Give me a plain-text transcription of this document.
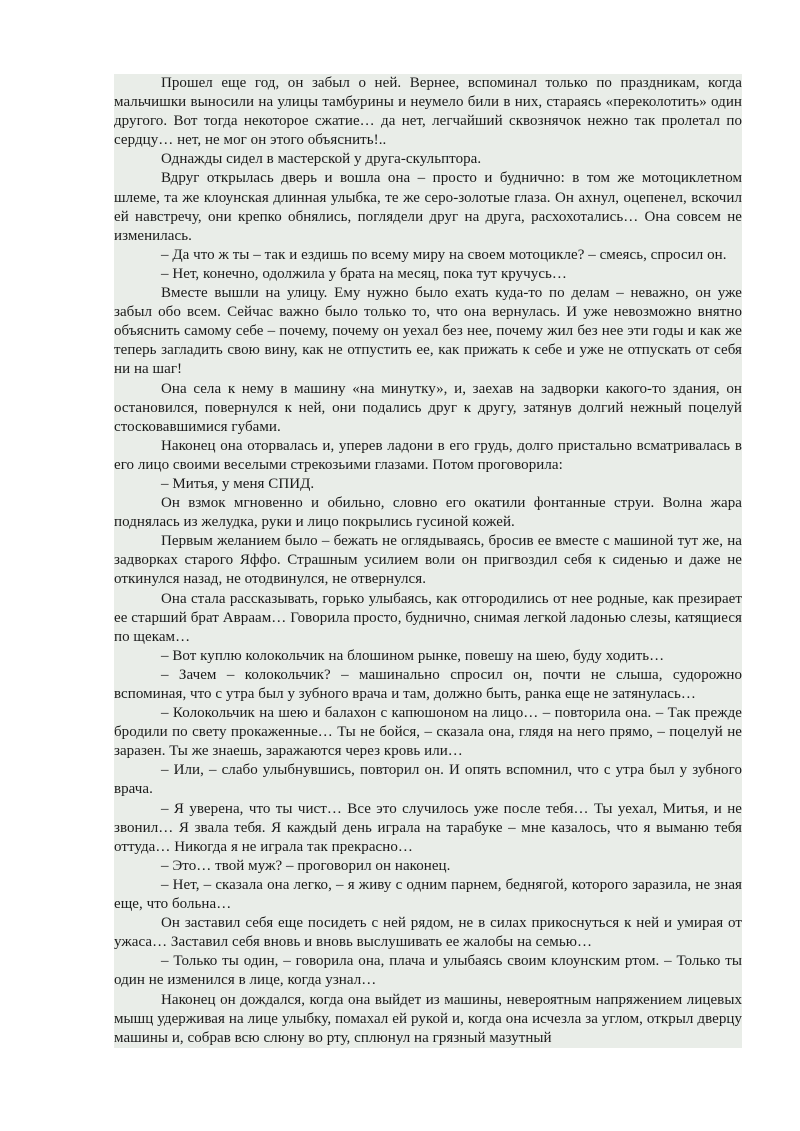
Прошел еще год, он забыл о ней. Вернее, вспоминал только по праздникам, когда мальчишки выносили на улицы тамбурины и неумело били в них, стараясь «переколотить» один другого. Вот тогда некоторое сжатие… да нет, легчайший сквознячок нежно так пролетал по сердцу… нет, не мог он этого объяснить!..

Однажды сидел в мастерской у друга-скульптора.

Вдруг открылась дверь и вошла она – просто и буднично: в том же мотоциклетном шлеме, та же клоунская длинная улыбка, те же серо-золотые глаза. Он ахнул, оцепенел, вскочил ей навстречу, они крепко обнялись, поглядели друг на друга, расхохотались… Она совсем не изменилась.

– Да что ж ты – так и ездишь по всему миру на своем мотоцикле? – смеясь, спросил он.

– Нет, конечно, одолжила у брата на месяц, пока тут кручусь…

Вместе вышли на улицу. Ему нужно было ехать куда-то по делам – неважно, он уже забыл обо всем. Сейчас важно было только то, что она вернулась. И уже невозможно внятно объяснить самому себе – почему, почему он уехал без нее, почему жил без нее эти годы и как же теперь загладить свою вину, как не отпустить ее, как прижать к себе и уже не отпускать от себя ни на шаг!

Она села к нему в машину «на минутку», и, заехав на задворки какого-то здания, он остановился, повернулся к ней, они подались друг к другу, затянув долгий нежный поцелуй стосковавшимися губами.

Наконец она оторвалась и, уперев ладони в его грудь, долго пристально всматривалась в его лицо своими веселыми стрекозьими глазами. Потом проговорила:

– Митья, у меня СПИД.

Он взмок мгновенно и обильно, словно его окатили фонтанные струи. Волна жара поднялась из желудка, руки и лицо покрылись гусиной кожей.

Первым желанием было – бежать не оглядываясь, бросив ее вместе с машиной тут же, на задворках старого Яффо. Страшным усилием воли он пригвоздил себя к сиденью и даже не откинулся назад, не отодвинулся, не отвернулся.

Она стала рассказывать, горько улыбаясь, как отгородились от нее родные, как презирает ее старший брат Авраам… Говорила просто, буднично, снимая легкой ладонью слезы, катящиеся по щекам…

– Вот куплю колокольчик на блошином рынке, повешу на шею, буду ходить…

– Зачем – колокольчик? – машинально спросил он, почти не слыша, судорожно вспоминая, что с утра был у зубного врача и там, должно быть, ранка еще не затянулась…

– Колокольчик на шею и балахон с капюшоном на лицо… – повторила она. – Так прежде бродили по свету прокаженные… Ты не бойся, – сказала она, глядя на него прямо, – поцелуй не заразен. Ты же знаешь, заражаются через кровь или…

– Или, – слабо улыбнувшись, повторил он. И опять вспомнил, что с утра был у зубного врача.

– Я уверена, что ты чист… Все это случилось уже после тебя… Ты уехал, Митья, и не звонил… Я звала тебя. Я каждый день играла на тарабуке – мне казалось, что я выманю тебя оттуда… Никогда я не играла так прекрасно…

– Это… твой муж? – проговорил он наконец.

– Нет, – сказала она легко, – я живу с одним парнем, беднягой, которого заразила, не зная еще, что больна…

Он заставил себя еще посидеть с ней рядом, не в силах прикоснуться к ней и умирая от ужаса… Заставил себя вновь и вновь выслушивать ее жалобы на семью…

– Только ты один, – говорила она, плача и улыбаясь своим клоунским ртом. – Только ты один не изменился в лице, когда узнал…

Наконец он дождался, когда она выйдет из машины, невероятным напряжением лицевых мышц удерживая на лице улыбку, помахал ей рукой и, когда она исчезла за углом, открыл дверцу машины и, собрав всю слюну во рту, сплюнул на грязный мазутный
